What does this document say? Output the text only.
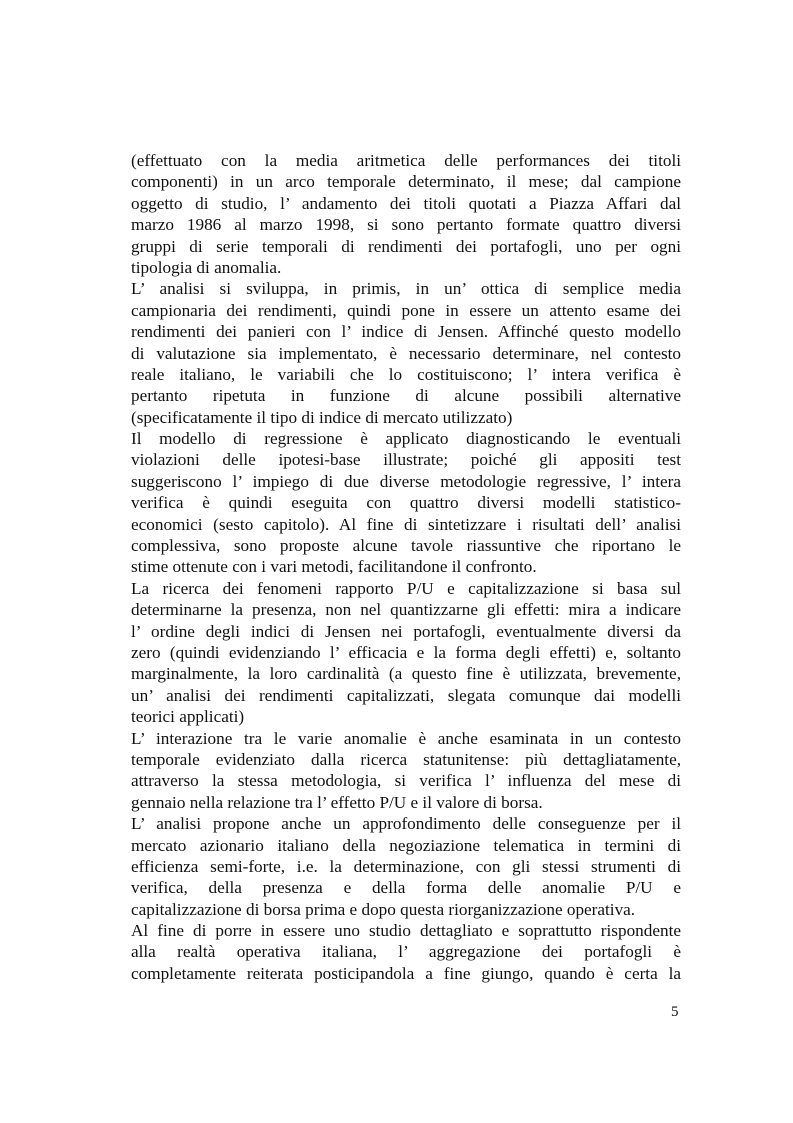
(effettuato con la media aritmetica delle performances dei titoli
componenti) in un arco temporale determinato, il mese; dal campione
oggetto di studio, l’ andamento dei titoli quotati a Piazza Affari dal
marzo 1986 al marzo 1998, si sono pertanto formate quattro diversi
gruppi di serie temporali di rendimenti dei portafogli, uno per ogni
tipologia di anomalia.
L’ analisi si sviluppa, in primis, in un’ ottica di semplice media
campionaria dei rendimenti, quindi pone in essere un attento esame dei
rendimenti dei panieri con l’ indice di Jensen. Affinché questo modello
di valutazione sia implementato, è necessario determinare, nel contesto
reale italiano, le variabili che lo costituiscono; l’ intera verifica è
pertanto ripetuta in funzione di alcune possibili alternative
(specificatamente il tipo di indice di mercato utilizzato)
Il modello di regressione è applicato diagnosticando le eventuali
violazioni delle ipotesi-base illustrate; poiché gli appositi test
suggeriscono l’ impiego di due diverse metodologie regressive, l’ intera
verifica è quindi eseguita con quattro diversi modelli statistico-
economici (sesto capitolo). Al fine di sintetizzare i risultati dell’ analisi
complessiva, sono proposte alcune tavole riassuntive che riportano le
stime ottenute con i vari metodi, facilitandone il confronto.
La ricerca dei fenomeni rapporto P/U e capitalizzazione si basa sul
determinarne la presenza, non nel quantizzarne gli effetti: mira a indicare
l’ ordine degli indici di Jensen nei portafogli, eventualmente diversi da
zero (quindi evidenziando l’ efficacia e la forma degli effetti) e, soltanto
marginalmente, la loro cardinalità (a questo fine è utilizzata, brevemente,
un’ analisi dei rendimenti capitalizzati, slegata comunque dai modelli
teorici applicati)
L’ interazione tra le varie anomalie è anche esaminata in un contesto
temporale evidenziato dalla ricerca statunitense: più dettagliatamente,
attraverso la stessa metodologia, si verifica l’ influenza del mese di
gennaio nella relazione tra l’ effetto P/U e il valore di borsa.
L’ analisi propone anche un approfondimento delle conseguenze per il
mercato azionario italiano della negoziazione telematica in termini di
efficienza semi-forte, i.e. la determinazione, con gli stessi strumenti di
verifica, della presenza e della forma delle anomalie P/U e
capitalizzazione di borsa prima e dopo questa riorganizzazione operativa.
Al fine di porre in essere uno studio dettagliato e soprattutto rispondente
alla realtà operativa italiana, l’ aggregazione dei portafogli è
completamente reiterata posticipandola a fine giungo, quando è certa la
5
